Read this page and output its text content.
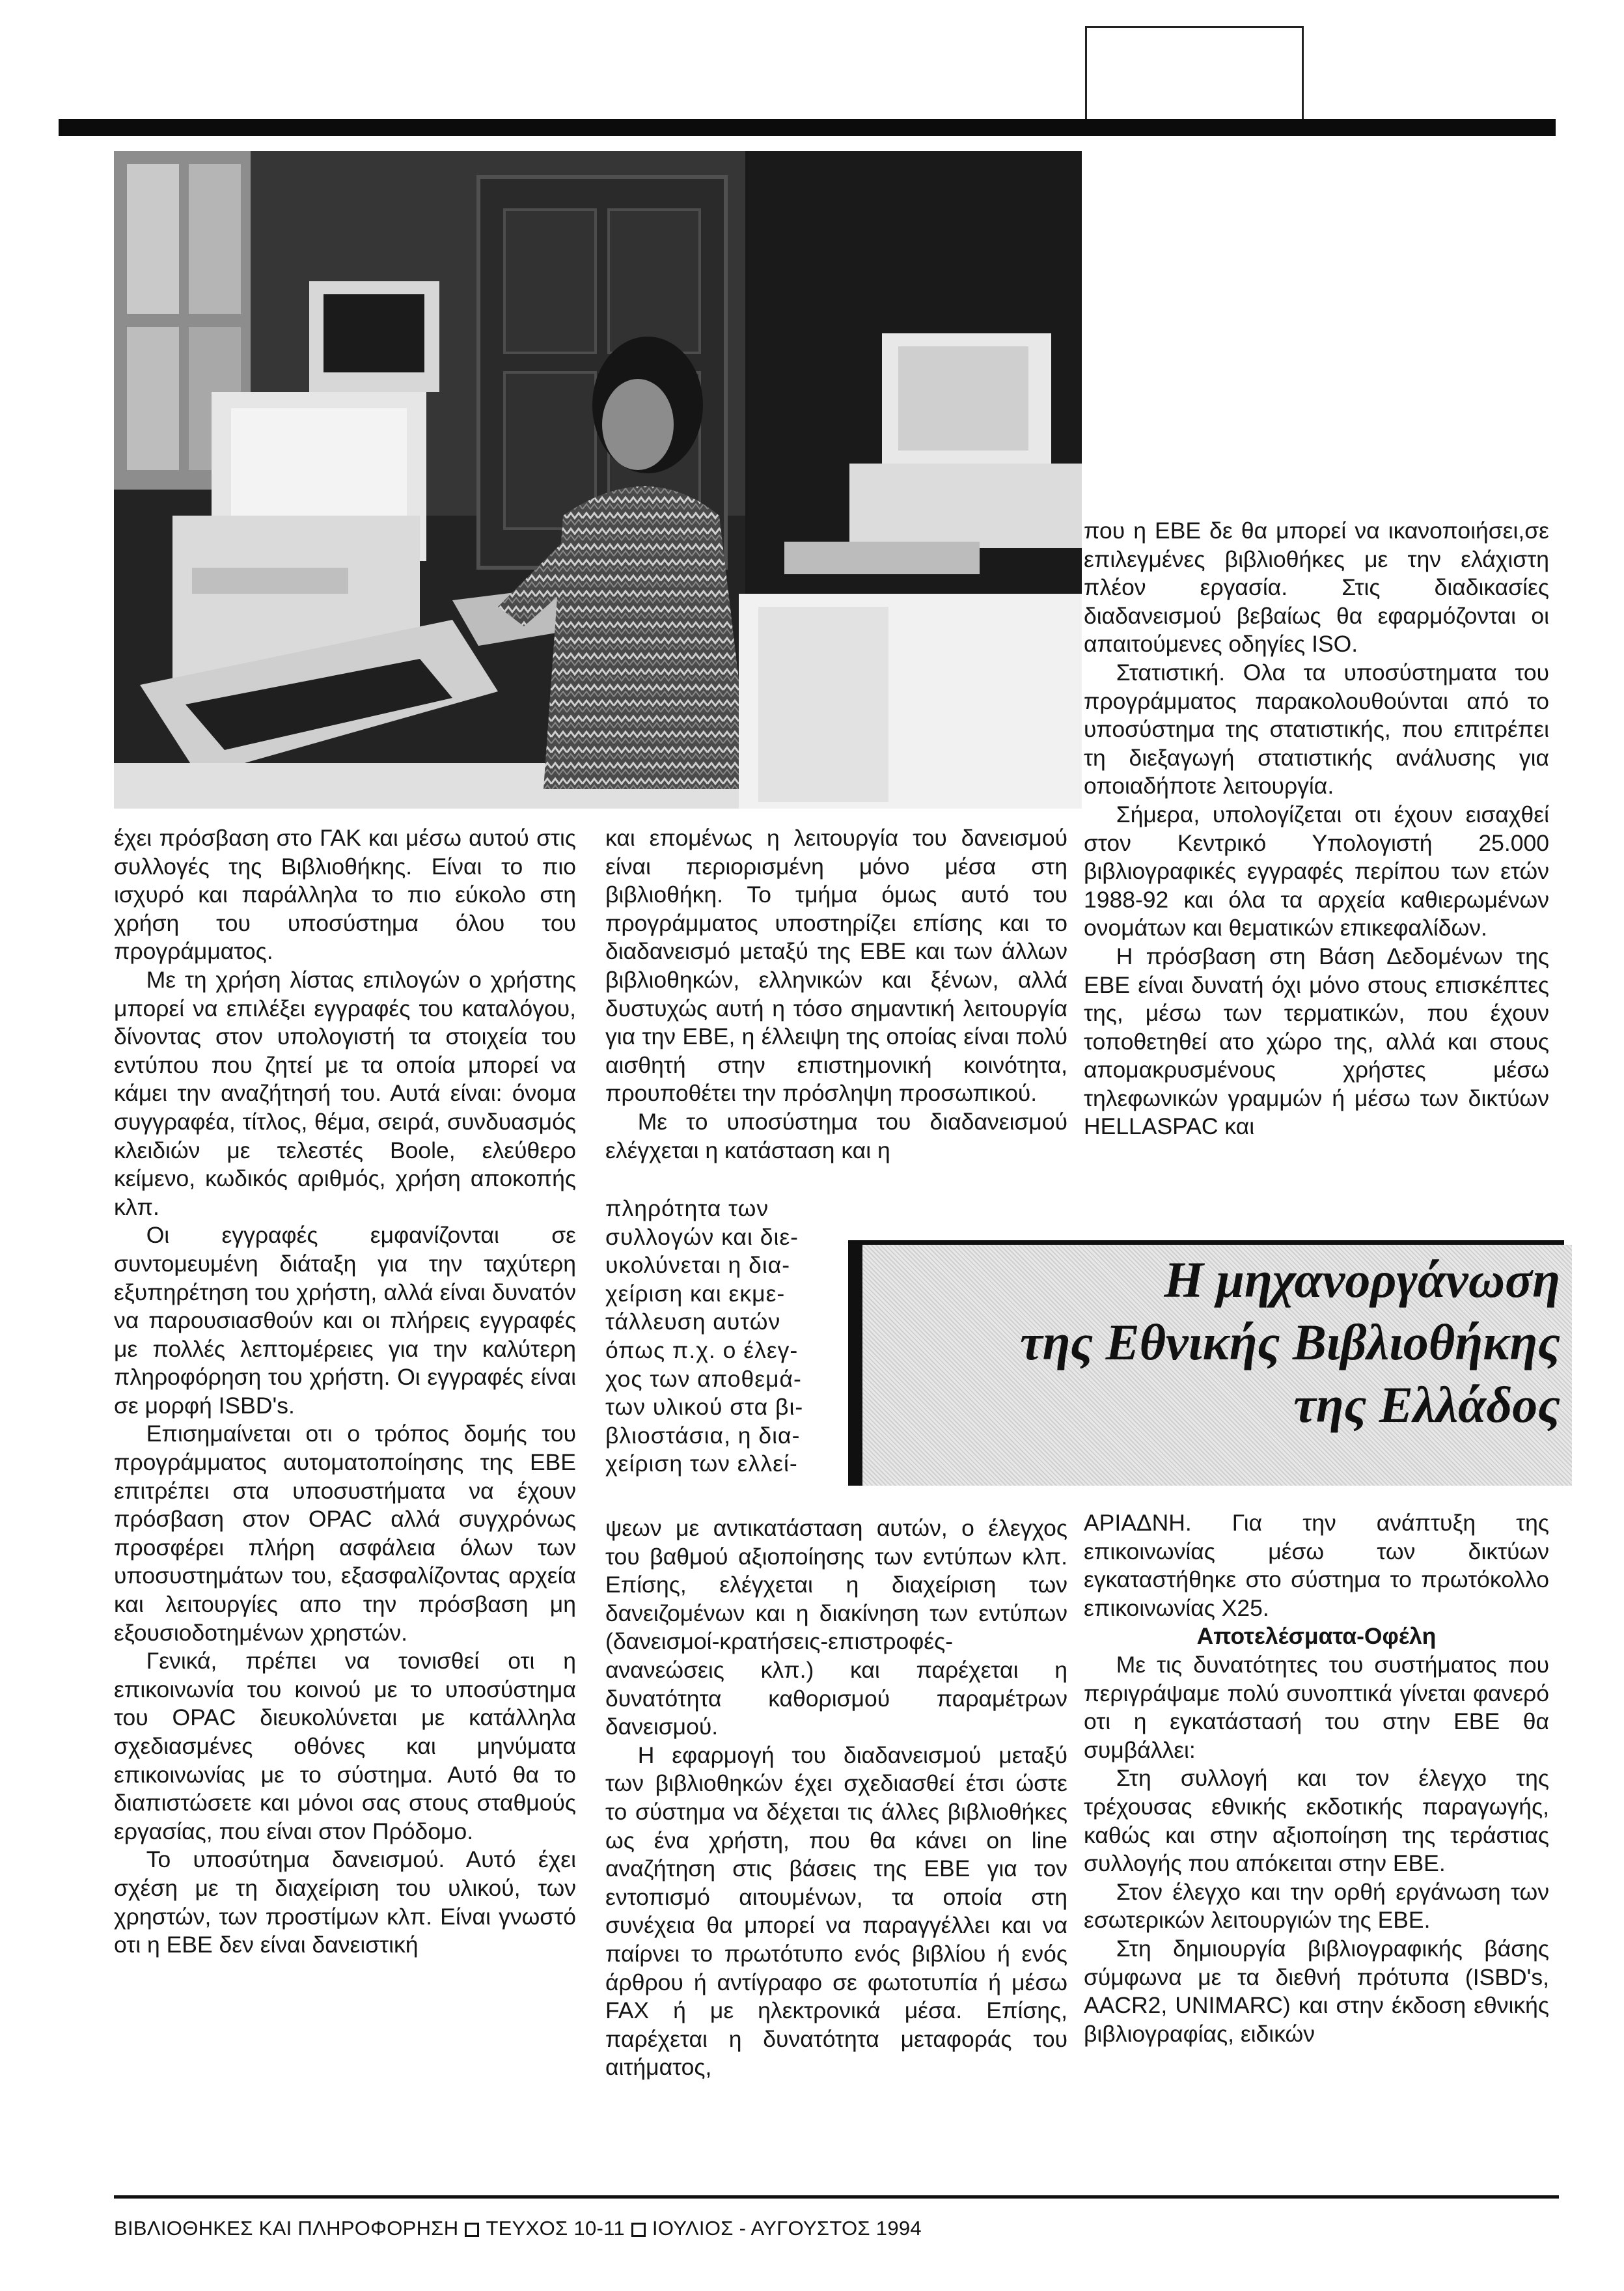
έχει πρόσβαση στο ΓΑΚ και μέσω αυτού στις συλλογές της Βιβλιοθήκης. Είναι το πιο ισχυρό και παράλληλα το πιο εύκολο στη χρήση του υποσύστημα όλου του προγράμματος.

Με τη χρήση λίστας επιλογών ο χρήστης μπορεί να επιλέξει εγγραφές του καταλόγου, δίνοντας στον υπολογιστή τα στοιχεία του εντύπου που ζητεί με τα οποία μπορεί να κάμει την αναζήτησή του. Αυτά είναι: όνομα συγγραφέα, τίτλος, θέμα, σειρά, συνδυασμός κλειδιών με τελεστές Boole, ελεύθερο κείμενο, κωδικός αριθμός, χρήση αποκοπής κλπ.

Οι εγγραφές εμφανίζονται σε συντομευμένη διάταξη για την ταχύτερη εξυπηρέτηση του χρήστη, αλλά είναι δυνατόν να παρουσιασθούν και οι πλήρεις εγγραφές με πολλές λεπτομέρειες για την καλύτερη πληροφόρηση του χρήστη. Οι εγγραφές είναι σε μορφή ISBD's.

Επισημαίνεται οτι ο τρόπος δομής του προγράμματος αυτοματοποίησης της ΕΒΕ επιτρέπει στα υποσυστήματα να έχουν πρόσβαση στον OPAC αλλά συγχρόνως προσφέρει πλήρη ασφάλεια όλων των υποσυστημάτων του, εξασφαλίζοντας αρχεία και λειτουργίες απο την πρόσβαση μη εξουσιοδοτημένων χρηστών.

Γενικά, πρέπει να τονισθεί οτι η επικοινωνία του κοινού με το υποσύστημα του OPAC διευκολύνεται με κατάλληλα σχεδιασμένες οθόνες και μηνύματα επικοινωνίας με το σύστημα. Αυτό θα το διαπιστώσετε και μόνοι σας στους σταθμούς εργασίας, που είναι στον Πρόδομο.

Το υποσύτημα δανεισμού. Αυτό έχει σχέση με τη διαχείριση του υλικού, των χρηστών, των προστίμων κλπ. Είναι γνωστό οτι η ΕΒΕ δεν είναι δανειστική

και επομένως η λειτουργία του δανεισμού είναι περιορισμένη μόνο μέσα στη βιβλιοθήκη. Το τμήμα όμως αυτό του προγράμματος υποστηρίζει επίσης και το διαδανεισμό μεταξύ της ΕΒΕ και των άλλων βιβλιοθηκών, ελληνικών και ξένων, αλλά δυστυχώς αυτή η τόσο σημαντική λειτουργία για την ΕΒΕ, η έλλειψη της οποίας είναι πολύ αισθητή στην επιστημονική κοινότητα, προυποθέτει την πρόσληψη προσωπικού.

Με το υποσύστημα του διαδανεισμού ελέγχεται η κατάσταση και η

πληρότητα των
συλλογών και διε-
υκολύνεται η δια-
χείριση και εκμε-
τάλλευση αυτών
όπως π.χ. ο έλεγ-
χος των αποθεμά-
των υλικού στα βι-
βλιοστάσια, η δια-
χείριση των ελλεί-

ψεων με αντικατάσταση αυτών, ο έλεγχος του βαθμού αξιοποίησης των εντύπων κλπ. Επίσης, ελέγχεται η διαχείριση των δανειζομένων και η διακίνηση των εντύπων (δανεισμοί-κρατήσεις-επιστροφές- ανανεώσεις κλπ.) και παρέχεται η δυνατότητα καθορισμού παραμέτρων δανεισμού.

Η εφαρμογή του διαδανεισμού μεταξύ των βιβλιοθηκών έχει σχεδιασθεί έτσι ώστε το σύστημα να δέχεται τις άλλες βιβλιοθήκες ως ένα χρήστη, που θα κάνει on line αναζήτηση στις βάσεις της ΕΒΕ για τον εντοπισμό αιτουμένων, τα οποία στη συνέχεια θα μπορεί να παραγγέλλει και να παίρνει το πρωτότυπο ενός βιβλίου ή ενός άρθρου ή αντίγραφο σε φωτοτυπία ή μέσω FAX ή με ηλεκτρονικά μέσα. Επίσης, παρέχεται η δυνατότητα μεταφοράς του αιτήματος,

που η ΕΒΕ δε θα μπορεί να ικανοποιήσει,σε επιλεγμένες βιβλιοθήκες με την ελάχιστη πλέον εργασία. Στις διαδικασίες διαδανεισμού βεβαίως θα εφαρμόζονται οι απαιτούμενες οδηγίες ISO.

Στατιστική. Ολα τα υποσύστηματα του προγράμματος παρακολουθούνται από το υποσύστημα της στατιστικής, που επιτρέπει τη διεξαγωγή στατιστικής ανάλυσης για οποιαδήποτε λειτουργία.

Σήμερα, υπολογίζεται οτι έχουν εισαχθεί στον Κεντρικό Υπολογιστή 25.000 βιβλιογραφικές εγγραφές περίπου των ετών 1988-92 και όλα τα αρχεία καθιερωμένων ονομάτων και θεματικών επικεφαλίδων.

Η πρόσβαση στη Βάση Δεδομένων της ΕΒΕ είναι δυνατή όχι μόνο στους επισκέπτες της, μέσω των τερματικών, που έχουν τοποθετηθεί ατο χώρο της, αλλά και στους απομακρυσμένους χρήστες μέσω τηλεφωνικών γραμμών ή μέσω των δικτύων HELLASPAC και

Η μηχανοργάνωση
της Εθνικής Βιβλιοθήκης
της Ελλάδος

ΑΡΙΑΔΝΗ. Για την ανάπτυξη της επικοινωνίας μέσω των δικτύων εγκαταστήθηκε στο σύστημα το πρωτόκολλο επικοινωνίας Χ25.

Αποτελέσματα-Οφέλη

Με τις δυνατότητες του συστήματος που περιγράψαμε πολύ συνοπτικά γίνεται φανερό οτι η εγκατάστασή του στην ΕΒΕ θα συμβάλλει:

Στη συλλογή και τον έλεγχο της τρέχουσας εθνικής εκδοτικής παραγωγής, καθώς και στην αξιοποίηση της τεράστιας συλλογής που απόκειται στην ΕΒΕ.

Στον έλεγχο και την ορθή εργάνωση των εσωτερικών λειτουργιών της ΕΒΕ.

Στη δημιουργία βιβλιογραφικής βάσης σύμφωνα με τα διεθνή πρότυπα (ISBD's, AACR2, UNIMARC) και στην έκδοση εθνικής βιβλιογραφίας, ειδικών

ΒΙΒΛΙΟΘΗΚΕΣ ΚΑΙ ΠΛΗΡΟΦΟΡΗΣΗ ΤΕΥΧΟΣ 10-11 ΙΟΥΛΙΟΣ - ΑΥΓΟΥΣΤΟΣ 1994
